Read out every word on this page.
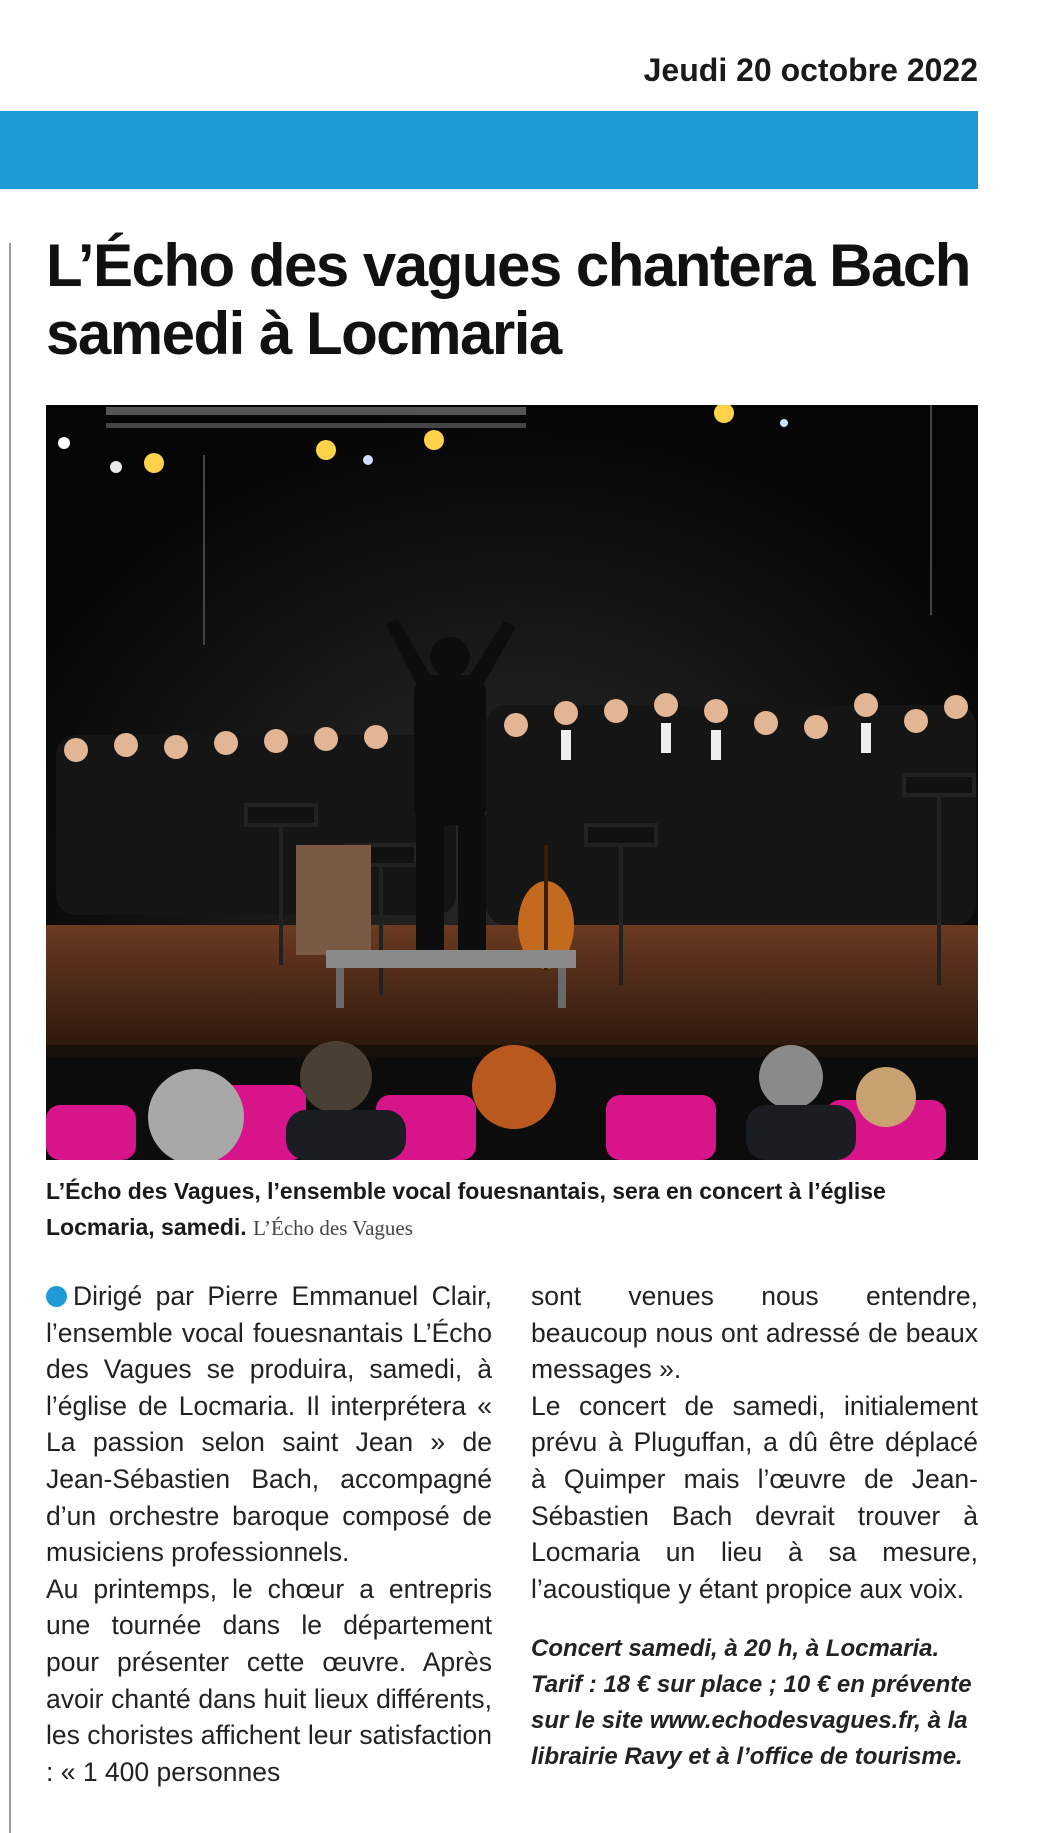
Jeudi 20 octobre 2022
L’Écho des vagues chantera Bach samedi à Locmaria
L’Écho des Vagues, l’ensemble vocal fouesnantais, sera en concert à l’église Locmaria, samedi. L’Écho des Vagues

Dirigé par Pierre Emmanuel Clair, l’ensemble vocal fouesnantais L’Écho des Vagues se produira, samedi, à l’église de Locmaria. Il interprétera « La passion selon saint Jean » de Jean-Sébastien Bach, accompagné d’un orchestre baroque composé de musiciens professionnels.

Au printemps, le chœur a entrepris une tournée dans le département pour présenter cette œuvre. Après avoir chanté dans huit lieux différents, les choristes affichent leur satisfaction : « 1 400 personnes

sont venues nous entendre, beaucoup nous ont adressé de beaux messages ».

Le concert de samedi, initialement prévu à Pluguffan, a dû être déplacé à Quimper mais l’œuvre de Jean-Sébastien Bach devrait trouver à Locmaria un lieu à sa mesure, l’acoustique y étant propice aux voix.

Concert samedi, à 20 h, à Locmaria. Tarif : 18 € sur place ; 10 € en prévente sur le site www.echodesvagues.fr, à la librairie Ravy et à l’office de tourisme.
